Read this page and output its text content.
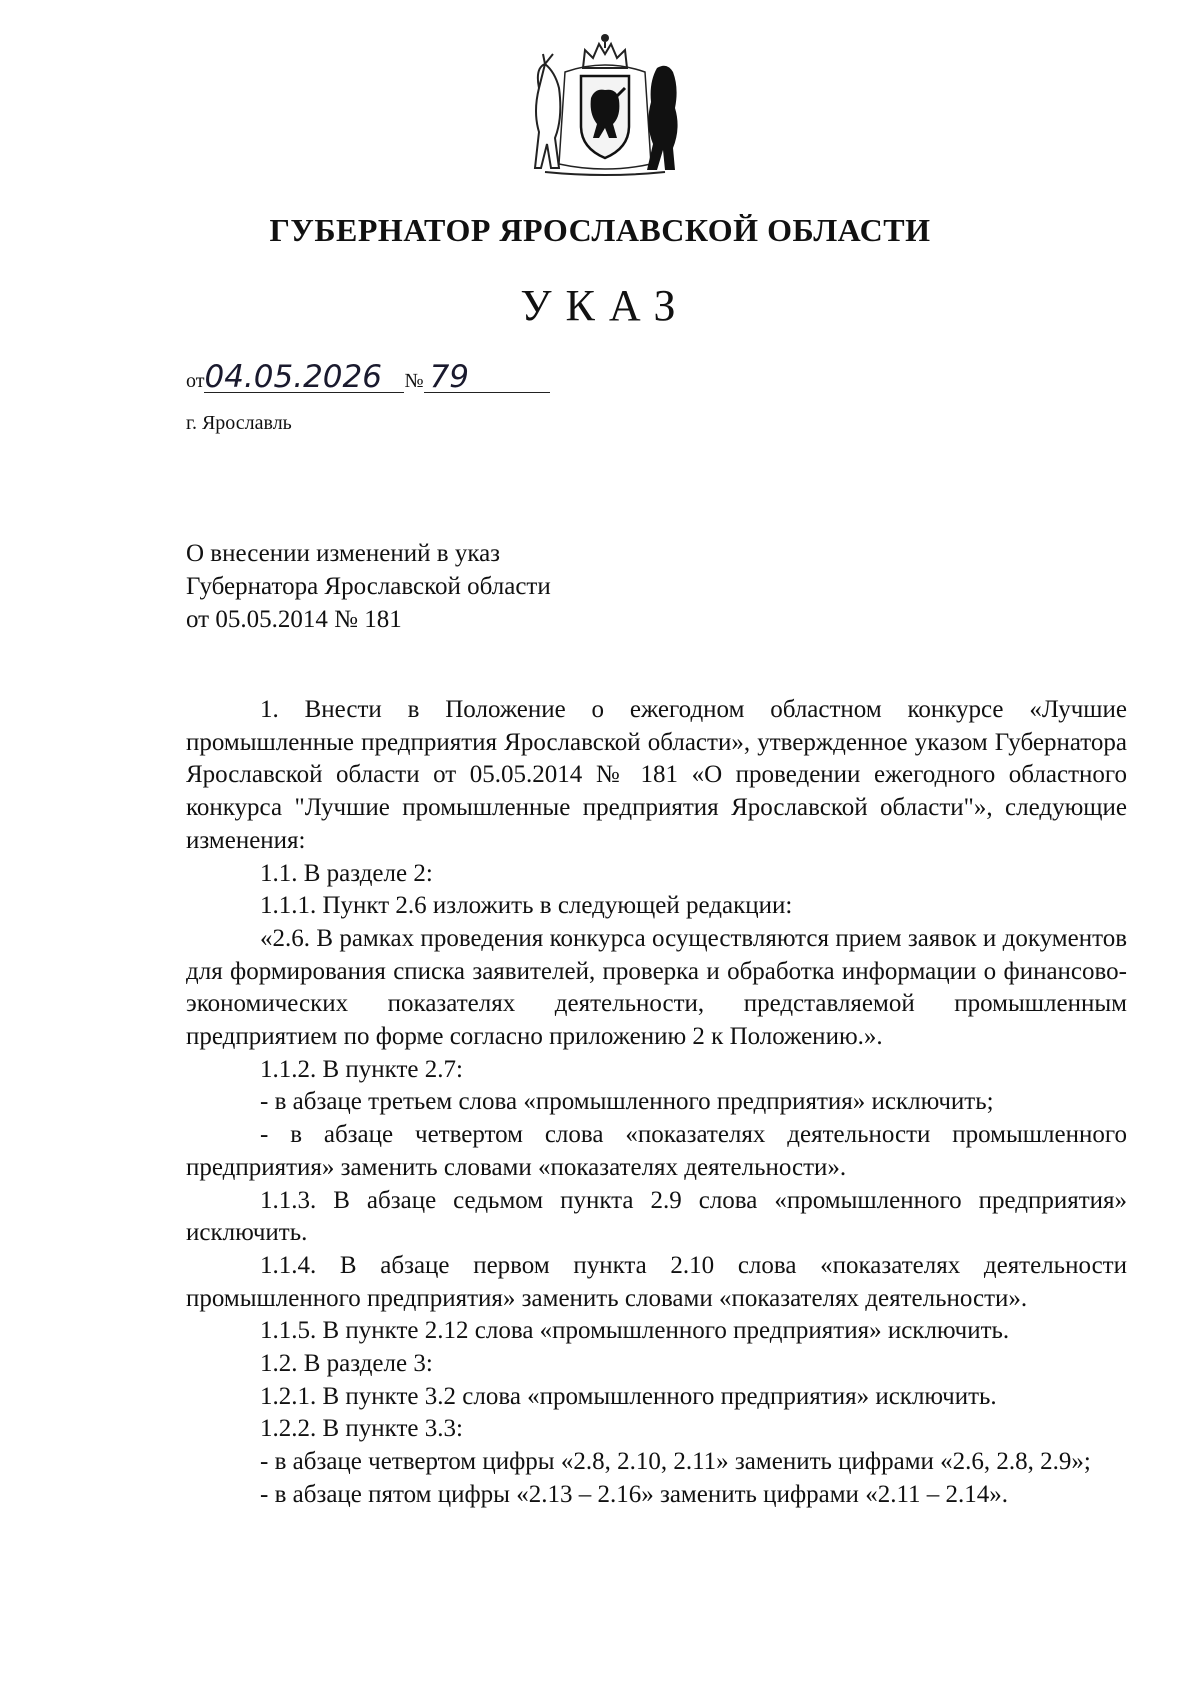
ГУБЕРНАТОР ЯРОСЛАВСКОЙ ОБЛАСТИ
УКАЗ
от04.05.2026 № 79
г. Ярославль
О внесении изменений в указ
Губернатора Ярославской области
от 05.05.2014 № 181

1. Внести в Положение о ежегодном областном конкурсе «Лучшие промышленные предприятия Ярославской области», утвержденное указом Губернатора Ярославской области от 05.05.2014 № 181 «О проведении ежегодного областного конкурса "Лучшие промышленные предприятия Ярославской области"», следующие изменения:

1.1. В разделе 2:

1.1.1. Пункт 2.6 изложить в следующей редакции:

«2.6. В рамках проведения конкурса осуществляются прием заявок и документов для формирования списка заявителей, проверка и обработка информации о финансово-экономических показателях деятельности, представляемой промышленным предприятием по форме согласно приложению 2 к Положению.».

1.1.2. В пункте 2.7:

- в абзаце третьем слова «промышленного предприятия» исключить;

- в абзаце четвертом слова «показателях деятельности промышленного предприятия» заменить словами «показателях деятельности».

1.1.3. В абзаце седьмом пункта 2.9 слова «промышленного предприятия» исключить.

1.1.4. В абзаце первом пункта 2.10 слова «показателях деятельности промышленного предприятия» заменить словами «показателях деятельности».

1.1.5. В пункте 2.12 слова «промышленного предприятия» исключить.

1.2. В разделе 3:

1.2.1. В пункте 3.2 слова «промышленного предприятия» исключить.

1.2.2. В пункте 3.3:

- в абзаце четвертом цифры «2.8, 2.10, 2.11» заменить цифрами «2.6, 2.8, 2.9»;

- в абзаце пятом цифры «2.13 – 2.16» заменить цифрами «2.11 – 2.14».
